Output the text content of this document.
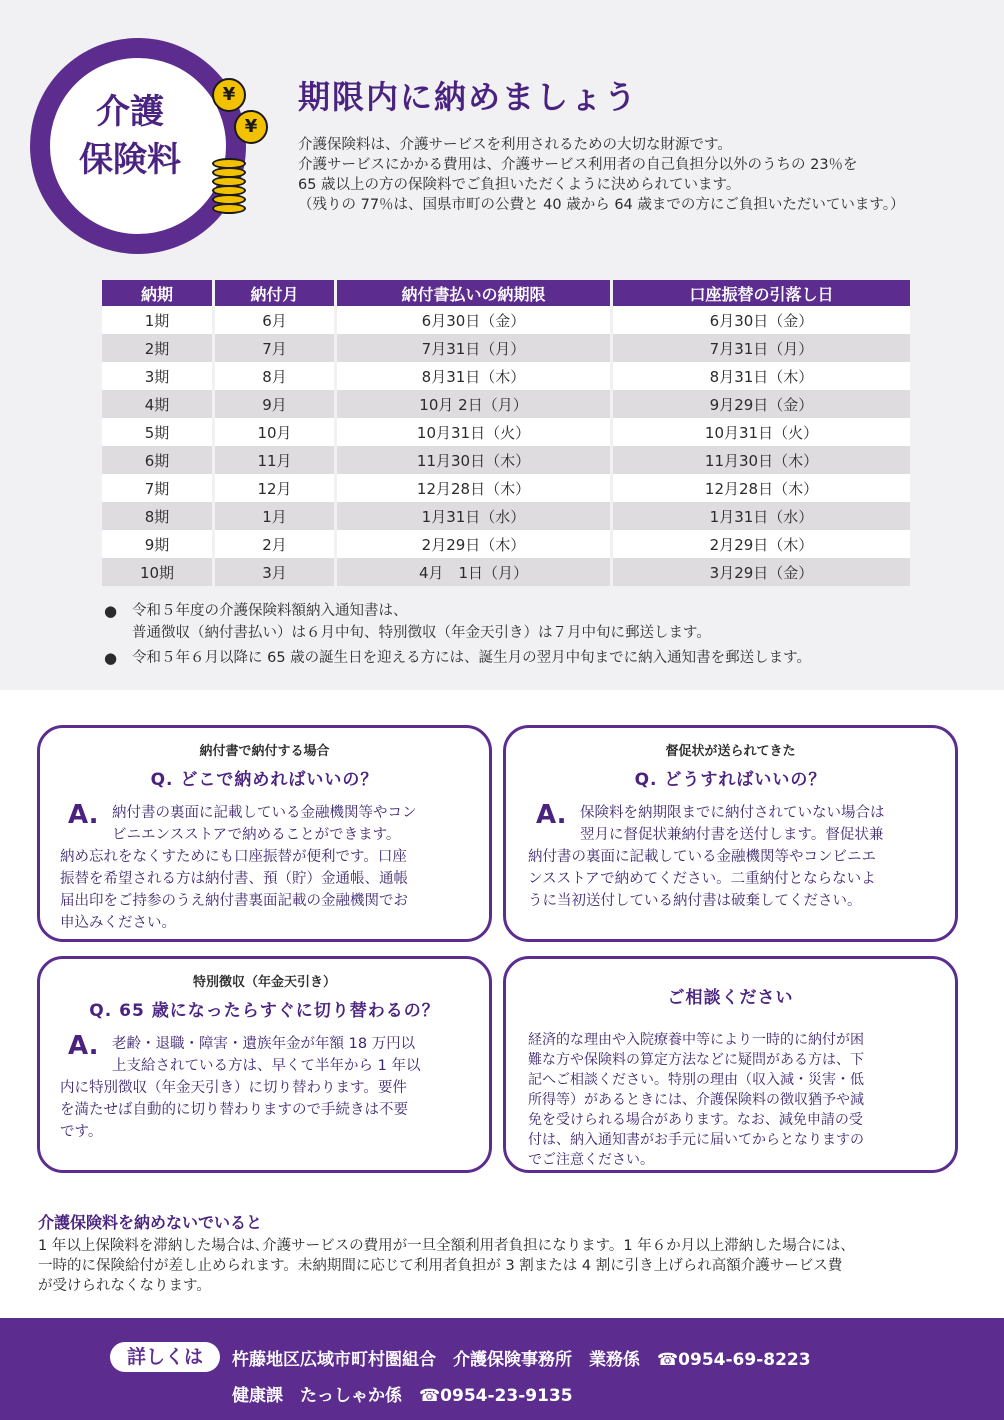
介護
保険料
¥
¥
期限内に納めましょう
介護保険料は、介護サービスを利用されるための大切な財源です。
介護サービスにかかる費用は、介護サービス利用者の自己負担分以外のうちの 23％を
65 歳以上の方の保険料でご負担いただくように決められています。
（残りの 77％は、国県市町の公費と 40 歳から 64 歳までの方にご負担いただいています。）
納期	納付月	納付書払いの納期限	口座振替の引落し日
1期	6月	6月30日（金）	6月30日（金）
2期	7月	7月31日（月）	7月31日（月）
3期	8月	8月31日（木）	8月31日（木）
4期	9月	10月 2日（月）	9月29日（金）
5期	10月	10月31日（火）	10月31日（火）
6期	11月	11月30日（木）	11月30日（木）
7期	12月	12月28日（木）	12月28日（木）
8期	1月	1月31日（水）	1月31日（水）
9期	2月	2月29日（木）	2月29日（木）
10期	3月	4月　1日（月）	3月29日（金）
●	令和５年度の介護保険料額納入通知書は、
普通徴収（納付書払い）は６月中旬、特別徴収（年金天引き）は７月中旬に郵送します。
●	令和５年６月以降に 65 歳の誕生日を迎える方には、誕生月の翌月中旬までに納入通知書を郵送します。
納付書で納付する場合
Q. どこで納めればいいの？
A. 納付書の裏面に記載している金融機関等やコン
ビニエンスストアで納めることができます。
納め忘れをなくすためにも口座振替が便利です。口座
振替を希望される方は納付書、預（貯）金通帳、通帳
届出印をご持参のうえ納付書裏面記載の金融機関でお
申込みください。
督促状が送られてきた
Q. どうすればいいの？
A. 保険料を納期限までに納付されていない場合は
翌月に督促状兼納付書を送付します。督促状兼
納付書の裏面に記載している金融機関等やコンビニエ
ンスストアで納めてください。二重納付とならないよ
うに当初送付している納付書は破棄してください。
特別徴収（年金天引き）
Q. 65 歳になったらすぐに切り替わるの？
A. 老齢・退職・障害・遺族年金が年額 18 万円以
上支給されている方は、早くて半年から 1 年以
内に特別徴収（年金天引き）に切り替わります。要件
を満たせば自動的に切り替わりますので手続きは不要
です。
ご相談ください
経済的な理由や入院療養中等により一時的に納付が困
難な方や保険料の算定方法などに疑問がある方は、下
記へご相談ください。特別の理由（収入減・災害・低
所得等）があるときには、介護保険料の徴収猶予や減
免を受けられる場合があります。なお、減免申請の受
付は、納入通知書がお手元に届いてからとなりますの
でご注意ください。
介護保険料を納めないでいると
1 年以上保険料を滞納した場合は､介護サービスの費用が一旦全額利用者負担になります。1 年６か月以上滞納した場合には、
一時的に保険給付が差し止められます。未納期間に応じて利用者負担が 3 割または 4 割に引き上げられ高額介護サービス費
が受けられなくなります。
詳しくは	杵藤地区広域市町村圏組合　介護保険事務所　業務係　☎0954-69-8223
健康課　たっしゃか係　☎0954-23-9135
